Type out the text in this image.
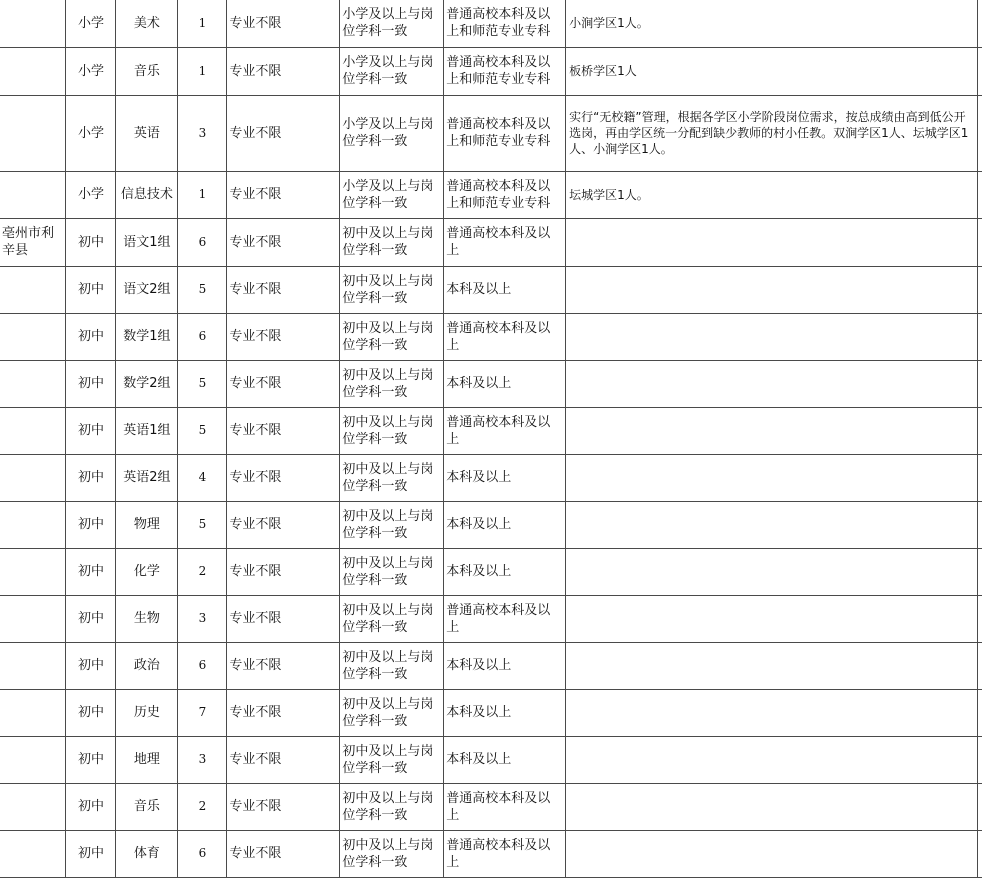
	小学	美术	1	专业不限	小学及以上与岗位学科一致	普通高校本科及以上和师范专业专科	小涧学区1人。	
	小学	音乐	1	专业不限	小学及以上与岗位学科一致	普通高校本科及以上和师范专业专科	板桥学区1人	
	小学	英语	3	专业不限	小学及以上与岗位学科一致	普通高校本科及以上和师范专业专科	实行“无校籍”管理，根据各学区小学阶段岗位需求，按总成绩由高到低公开选岗，再由学区统一分配到缺少教师的村小任教。双涧学区1人、坛城学区1人、小涧学区1人。	
	小学	信息技术	1	专业不限	小学及以上与岗位学科一致	普通高校本科及以上和师范专业专科	坛城学区1人。	
亳州市利辛县	初中	语文1组	6	专业不限	初中及以上与岗位学科一致	普通高校本科及以上		
	初中	语文2组	5	专业不限	初中及以上与岗位学科一致	本科及以上		
	初中	数学1组	6	专业不限	初中及以上与岗位学科一致	普通高校本科及以上		
	初中	数学2组	5	专业不限	初中及以上与岗位学科一致	本科及以上		
	初中	英语1组	5	专业不限	初中及以上与岗位学科一致	普通高校本科及以上		
	初中	英语2组	4	专业不限	初中及以上与岗位学科一致	本科及以上		
	初中	物理	5	专业不限	初中及以上与岗位学科一致	本科及以上		
	初中	化学	2	专业不限	初中及以上与岗位学科一致	本科及以上		
	初中	生物	3	专业不限	初中及以上与岗位学科一致	普通高校本科及以上		
	初中	政治	6	专业不限	初中及以上与岗位学科一致	本科及以上		
	初中	历史	7	专业不限	初中及以上与岗位学科一致	本科及以上		
	初中	地理	3	专业不限	初中及以上与岗位学科一致	本科及以上		
	初中	音乐	2	专业不限	初中及以上与岗位学科一致	普通高校本科及以上		
	初中	体育	6	专业不限	初中及以上与岗位学科一致	普通高校本科及以上		
